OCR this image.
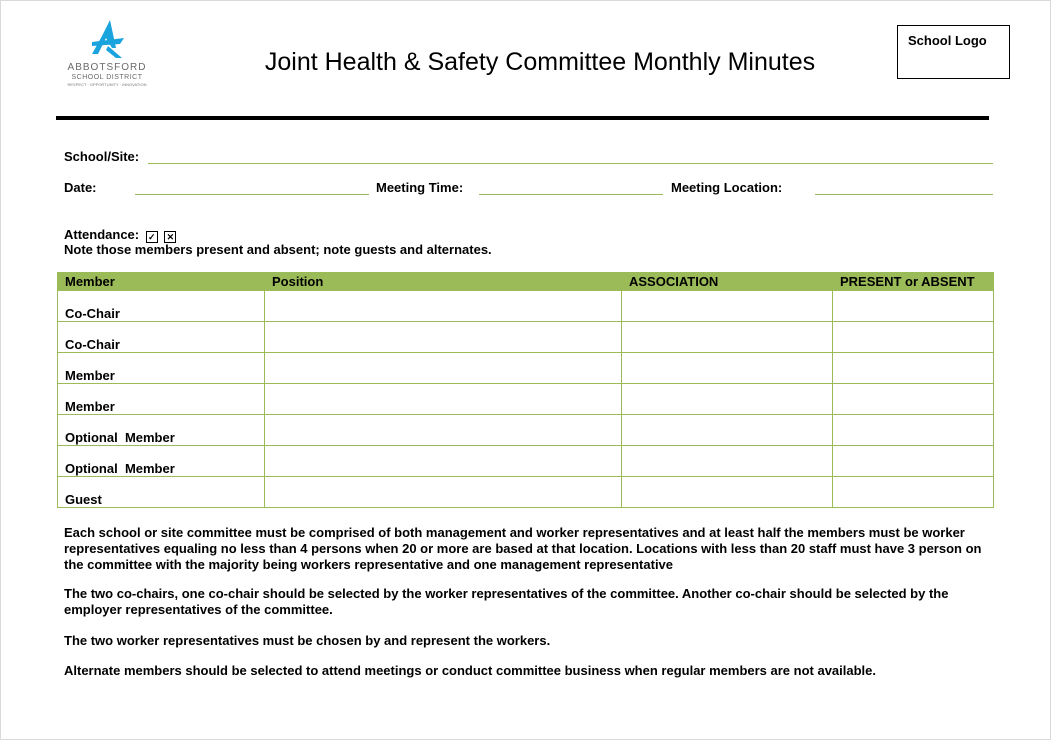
ABBOTSFORD
SCHOOL DISTRICT
RESPECT · OPPORTUNITY · INNOVATION
Joint Health & Safety Committee Monthly Minutes
School Logo
School/Site:
Date:	Meeting Time:	Meeting Location:
Attendance: ✓ ✕
Note those members present and absent; note guests and alternates.
Member	Position	ASSOCIATION	PRESENT or ABSENT
Co-Chair			
Co-Chair			
Member			
Member			
Optional  Member			
Optional  Member			
Guest			
Each school or site committee must be comprised of both management and worker representatives and at least half the members must be worker representatives equaling no less than 4 persons when 20 or more are based at that location. Locations with less than 20 staff must have 3 person on the committee with the majority being workers representative and one management representative
The two co-chairs, one co-chair should be selected by the worker representatives of the committee. Another co-chair should be selected by the employer representatives of the committee.
The two worker representatives must be chosen by and represent the workers.
Alternate members should be selected to attend meetings or conduct committee business when regular members are not available.
